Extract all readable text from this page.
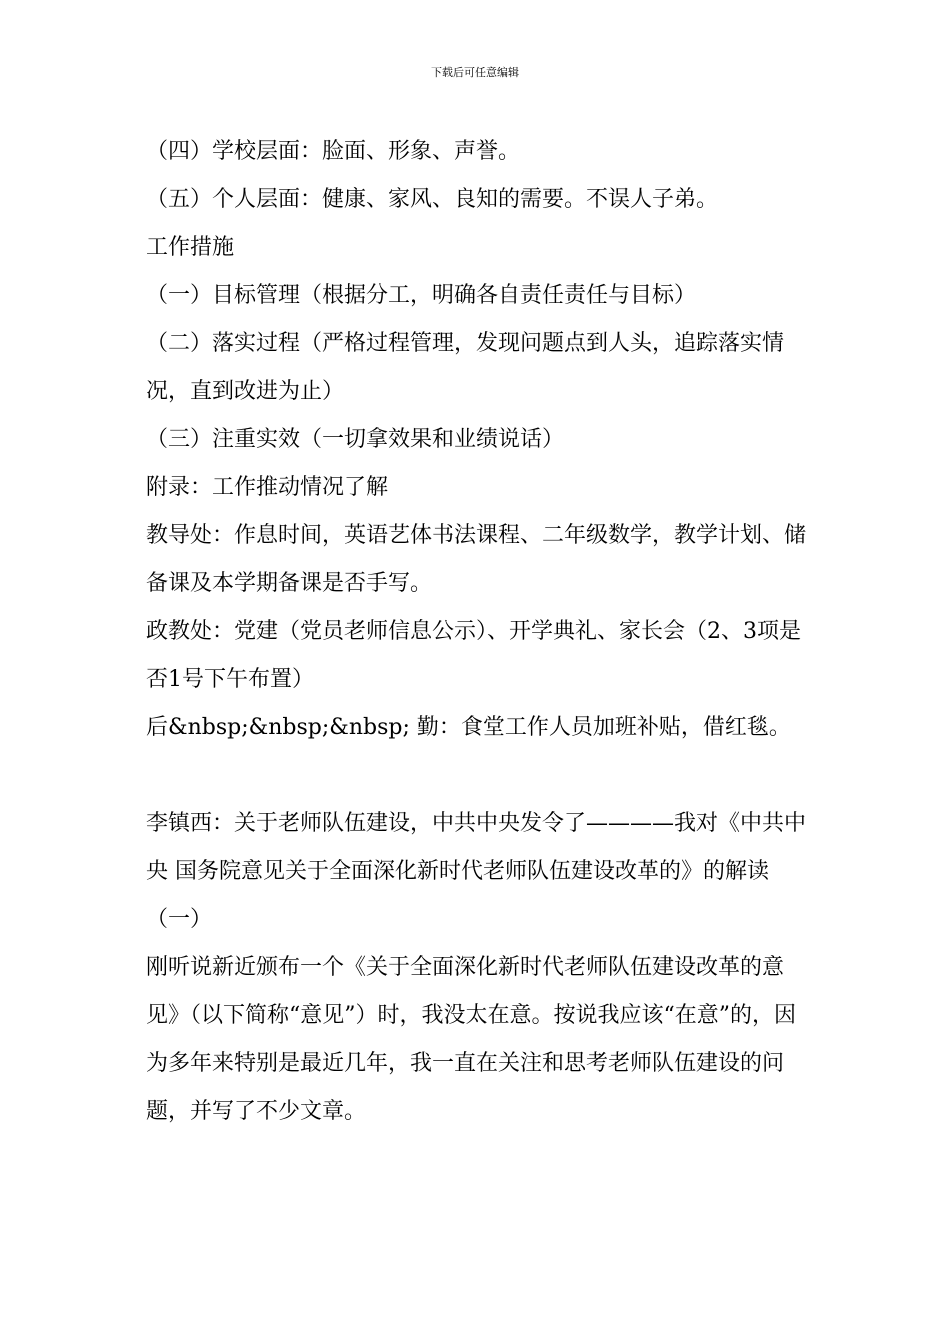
下载后可任意编辑

（四）学校层面：脸面、形象、声誉。

（五）个人层面：健康、家风、良知的需要。不误人子弟。

工作措施

（一）目标管理（根据分工，明确各自责任责任与目标）

（二）落实过程（严格过程管理，发现问题点到人头，追踪落实情况，直到改进为止）

（三）注重实效（一切拿效果和业绩说话）

附录：工作推动情况了解

教导处：作息时间，英语艺体书法课程、二年级数学，教学计划、储备课及本学期备课是否手写。

政教处：党建（党员老师信息公示）、开学典礼、家长会（2、3项是否1号下午布置）

后&nbsp;&nbsp;&nbsp; 勤：食堂工作人员加班补贴，借红毯。

李镇西：关于老师队伍建设，中共中央发令了————我对《中共中央 国务院意见关于全面深化新时代老师队伍建设改革的》的解读（一）

刚听说新近颁布一个《关于全面深化新时代老师队伍建设改革的意见》（以下简称“意见”）时，我没太在意。按说我应该“在意”的，因为多年来特别是最近几年，我一直在关注和思考老师队伍建设的问题，并写了不少文章。
